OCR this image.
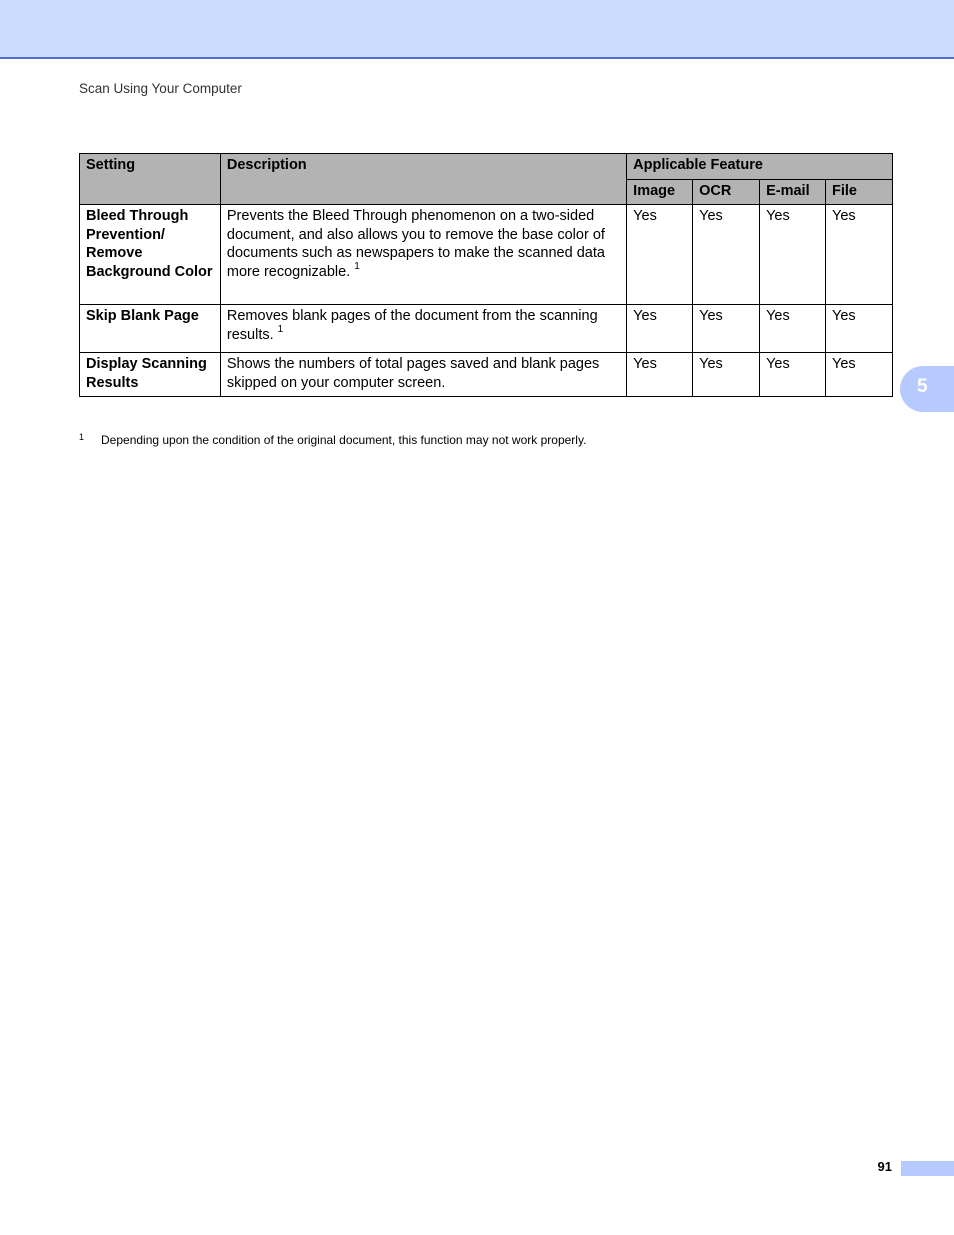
Scan Using Your Computer
Setting	Description	Applicable Feature			
		Image	OCR	E-mail	File
Bleed Through Prevention/ Remove Background Color	Prevents the Bleed Through phenomenon on a two-sided document, and also allows you to remove the base color of documents such as newspapers to make the scanned data more recognizable. $^1$	Yes	Yes	Yes	Yes
Skip Blank Page	Removes blank pages of the document from the scanning results. $^1$	Yes	Yes	Yes	Yes
Display Scanning Results	Shows the numbers of total pages saved and blank pages skipped on your computer screen.	Yes	Yes	Yes	Yes
1 Depending upon the condition of the original document, this function may not work properly.
5
91
